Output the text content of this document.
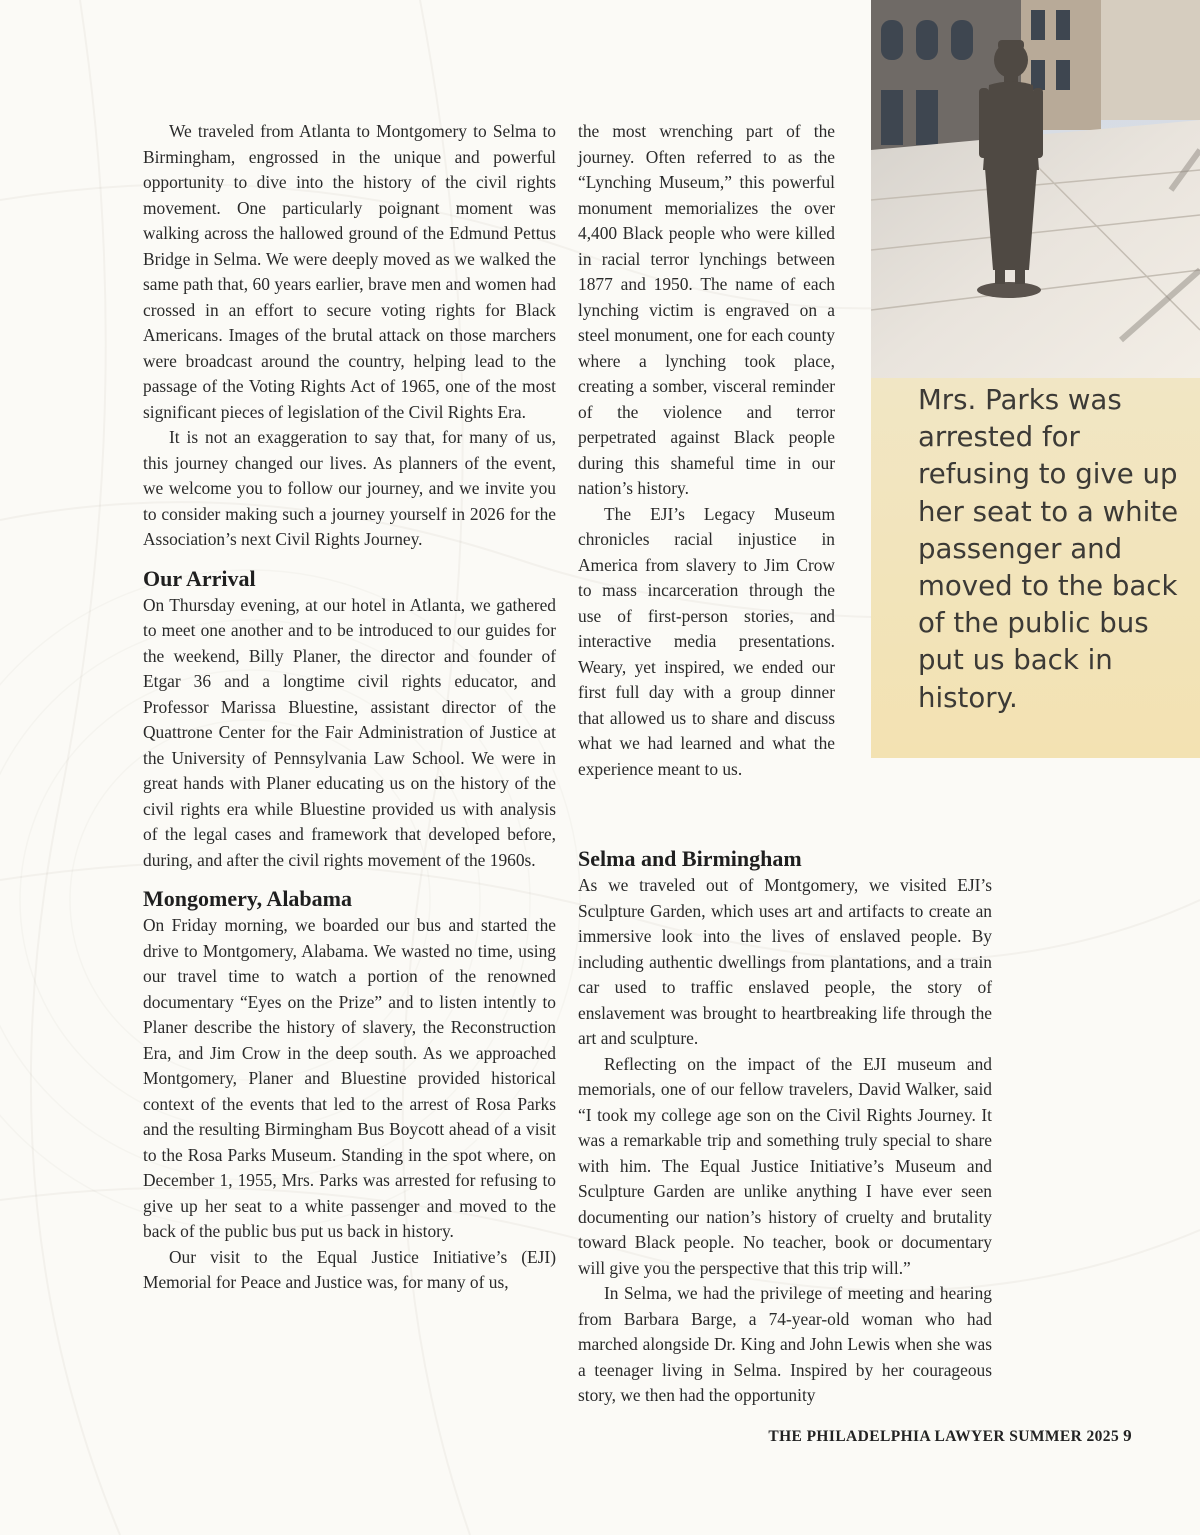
We traveled from Atlanta to Montgomery to Selma to Birmingham, engrossed in the unique and powerful opportunity to dive into the history of the civil rights movement. One particularly poignant moment was walking across the hallowed ground of the Edmund Pettus Bridge in Selma. We were deeply moved as we walked the same path that, 60 years earlier, brave men and women had crossed in an effort to secure voting rights for Black Americans. Images of the brutal attack on those marchers were broadcast around the country, helping lead to the passage of the Voting Rights Act of 1965, one of the most significant pieces of legislation of the Civil Rights Era.

It is not an exaggeration to say that, for many of us, this journey changed our lives. As planners of the event, we welcome you to follow our journey, and we invite you to consider making such a journey yourself in 2026 for the Association’s next Civil Rights Journey.

Our Arrival

On Thursday evening, at our hotel in Atlanta, we gathered to meet one another and to be introduced to our guides for the weekend, Billy Planer, the director and founder of Etgar 36 and a longtime civil rights educator, and Professor Marissa Bluestine, assistant director of the Quattrone Center for the Fair Administration of Justice at the University of Pennsylvania Law School. We were in great hands with Planer educating us on the history of the civil rights era while Bluestine provided us with analysis of the legal cases and framework that developed before, during, and after the civil rights movement of the 1960s.

Mongomery, Alabama

On Friday morning, we boarded our bus and started the drive to Montgomery, Alabama. We wasted no time, using our travel time to watch a portion of the renowned documentary “Eyes on the Prize” and to listen intently to Planer describe the history of slavery, the Reconstruction Era, and Jim Crow in the deep south. As we approached Montgomery, Planer and Bluestine provided historical context of the events that led to the arrest of Rosa Parks and the resulting Birmingham Bus Boycott ahead of a visit to the Rosa Parks Museum. Standing in the spot where, on December 1, 1955, Mrs. Parks was arrested for refusing to give up her seat to a white passenger and moved to the back of the public bus put us back in history.

Our visit to the Equal Justice Initiative’s (EJI) Memorial for Peace and Justice was, for many of us,

the most wrenching part of the journey. Often referred to as the “Lynching Museum,” this powerful monument memorializes the over 4,400 Black people who were killed in racial terror lynchings between 1877 and 1950. The name of each lynching victim is engraved on a steel monument, one for each county where a lynching took place, creating a somber, visceral reminder of the violence and terror perpetrated against Black people during this shameful time in our nation’s history.

The EJI’s Legacy Museum chronicles racial injustice in America from slavery to Jim Crow to mass incarceration through the use of first-person stories, and interactive media presentations. Weary, yet inspired, we ended our first full day with a group dinner that allowed us to share and discuss what we had learned and what the experience meant to us.

Selma and Birmingham

As we traveled out of Montgomery, we visited EJI’s Sculpture Garden, which uses art and artifacts to create an immersive look into the lives of enslaved people. By including authentic dwellings from plantations, and a train car used to traffic enslaved people, the story of enslavement was brought to heartbreaking life through the art and sculpture.

Reflecting on the impact of the EJI museum and memorials, one of our fellow travelers, David Walker, said “I took my college age son on the Civil Rights Journey. It was a remarkable trip and something truly special to share with him. The Equal Justice Initiative’s Museum and Sculpture Garden are unlike anything I have ever seen documenting our nation’s history of cruelty and brutality toward Black people. No teacher, book or documentary will give you the perspective that this trip will.”

In Selma, we had the privilege of meeting and hearing from Barbara Barge, a 74-year-old woman who had marched alongside Dr. King and John Lewis when she was a teenager living in Selma. Inspired by her courageous story, we then had the opportunity

Mrs. Parks was arrested for refusing to give up her seat to a white passenger and moved to the back of the public bus put us back in history.

THE PHILADELPHIA LAWYER SUMMER 2025 9
